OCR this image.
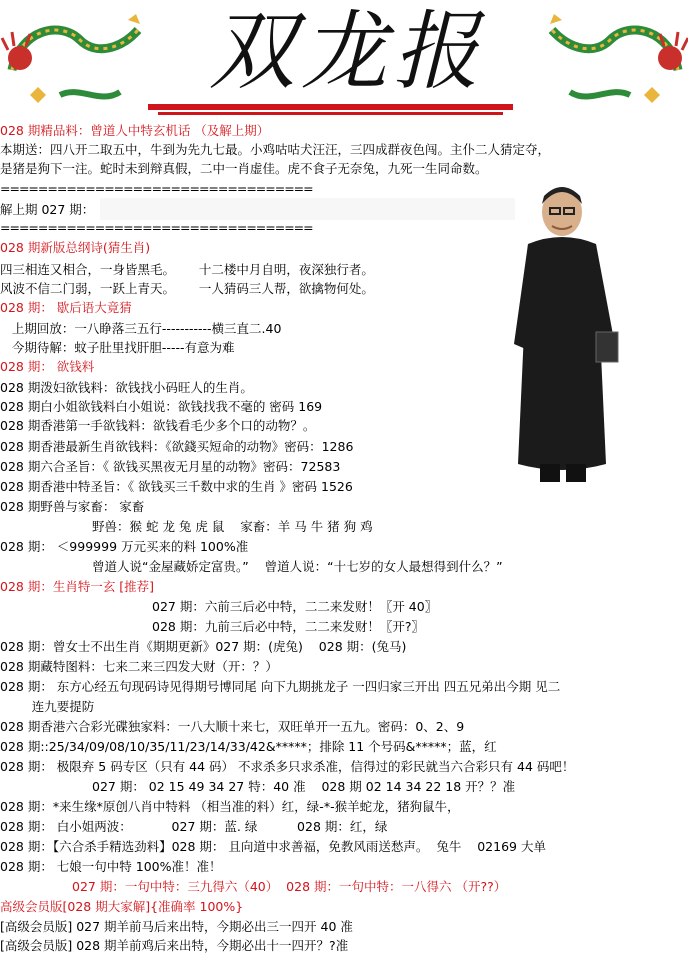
双龙报
=================================
=================================
028 期精品料：曾道人中特玄机话 （及解上期）
本期送：四八开二取五中，牛到为先九七最。小鸡咕咕犬汪汪，三四成群夜色闯。主仆二人猜定夺，
是猪是狗下一注。蛇时未到辩真假，二中一肖虚佳。虎不食子无奈兔，九死一生同命数。
解上期 027 期：
028 期新版总纲诗(猜生肖)
四三相连又相合，一身皆黑毛。      十二楼中月自明，夜深独行者。
风波不信二门弱，一跃上青天。      一人猜码三人帮，欲擒物何处。
028 期： 歇后语大竟猜
上期回放：一八睁落三五行-----------横三直二.40
今期待解：蚊子肚里找肝胆-----有意为难
028 期： 欲钱料
028 期泼妇欲钱料：欲钱找小码旺人的生肖。
028 期白小姐欲钱料白小姐说：欲钱找我不毫的 密码 169
028 期香港第一手欲钱料：欲钱看毛少多个口的动物？。
028 期香港最新生肖欲钱料：《欲錢买短命的动物》密码：1286
028 期六合圣旨：《 欲钱买黑夜无月星的动物》密码：72583
028 期香港中特圣旨：《 欲钱买三千数中求的生肖 》密码 1526
028 期野兽与家畜： 家畜
野兽：猴 蛇 龙 兔 虎 鼠    家畜：羊 马 牛 猪 狗 鸡
028 期： ＜999999 万元买来的料 100%准
曾道人说“金屋藏娇定富贵。”    曾道人说：“十七岁的女人最想得到什么？”
028 期：生肖特一玄 [推荐]
027 期：六前三后必中特，二二来发财！〖开 40〗
028 期：九前三后必中特，二二来发财！〖开?〗
028 期：曾女士不出生肖《期期更新》027 期：(虎兔)    028 期：(兔马)
028 期藏特图料：七来二来三四发大财（开：？）
028 期： 东方心经五句现码诗见得期号博同尾 向下九期挑龙子 一四归家三开出 四五兄弟出今期 见二
连九要提防
028 期香港六合彩光碟独家料：一八大顺十来七，双旺单开一五九。密码：0、2、9
028 期::25/34/09/08/10/35/11/23/14/33/42&*****；排除 11 个号码&*****；蓝，红
028 期： 极限弃 5 码专区（只有 44 码） 不求杀多只求杀准，信得过的彩民就当六合彩只有 44 码吧！
027 期： 02 15 49 34 27 特：40 准    028 期 02 14 34 22 18 开？？准
028 期：*来生缘*原创八肖中特料 （相当准的料）红，绿-*-猴羊蛇龙，猪狗鼠牛，
028 期： 白小姐两波：          027 期：蓝. 绿          028 期：红，绿
028 期：【六合杀手精选劲料】028 期： 且向道中求善福，免教风雨送愁声。  兔牛    02169 大单
028 期： 七娘一句中特 100%准！准！
027 期：一句中特：三九得六（40）  028 期：一句中特：一八得六 （开??）
高级会员版[028 期大家解]{准确率 100%}
[高级会员版] 027 期羊前马后来出特，今期必出三一四开 40 准
[高级会员版] 028 期羊前鸡后来出特，今期必出十一四开？?准
